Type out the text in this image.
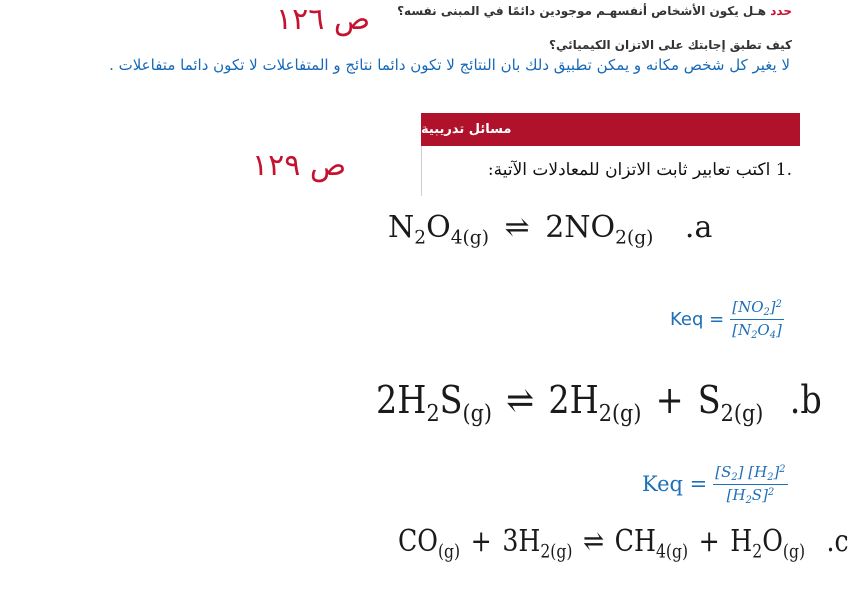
حدد هـل يكون الأشخاص أنفسهـم موجودين دائمًا في المبنى نفسه؟
كيف تطبق إجابتك على الاتزان الكيميائي؟
ص ١٢٦
لا يغير كل شخص مكانه و يمكن تطبيق دلك بان النتائج لا تكون دائما نتائج و المتفاعلات لا تكون دائما متفاعلات .
مسائل تدريبية
1. اكتب تعابير ثابت الاتزان للمعادلات الآتية:
ص ١٢٩
$N_2O_{4(g)}$ ⇌ $2NO_{2(g)}$ .a
Keq = $\frac{[NO_2]^2}{[N_2O_4]}$
$2H_2S_{(g)}$ ⇌ $2H_{2(g)} + S_{2(g)}$ .b
Keq = $\frac{[S_2] [H_2]^2}{[H_2S]^2}$
$CO_{(g)} + 3H_{2(g)}$ ⇌ $CH_{4(g)} + H_2O_{(g)}$ .c
